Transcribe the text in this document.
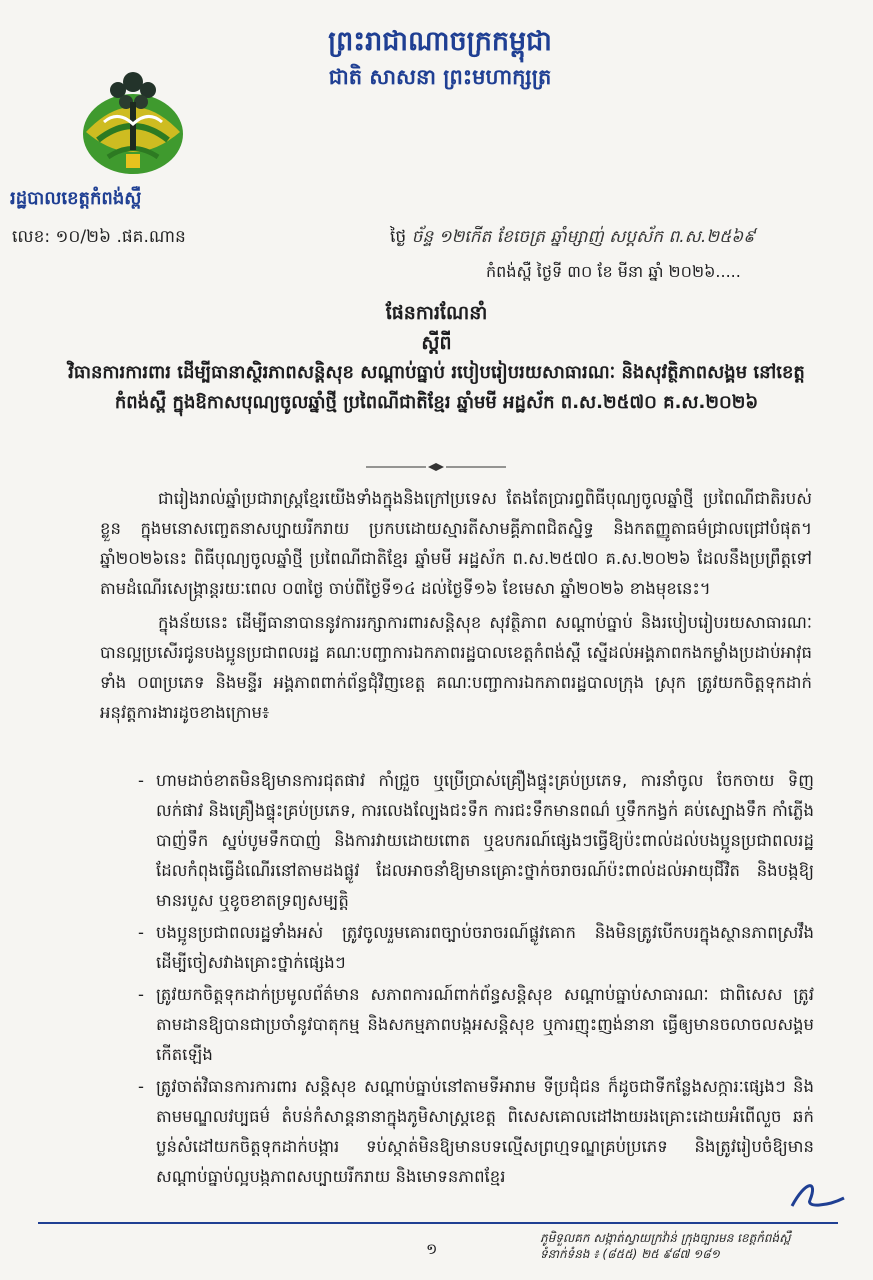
ព្រះរាជាណាចក្រកម្ពុជា
ជាតិ សាសនា ព្រះមហាក្សត្រ
រដ្ឋបាលខេត្តកំពង់ស្ពឺ
លេខ: ១០/២៦ .ផគ.ណាន	ថ្ងៃ ច័ន្ទ ១២កើត ខែចេត្រ ឆ្នាំម្សាញ់ សប្តស័ក ព.ស.២៥៦៩
កំពង់ស្ពឺ ថ្ងៃទី ៣០ ខែ មីនា ឆ្នាំ ២០២៦.....
ផែនការណែនាំ
ស្តីពី
វិធានការការពារ ដើម្បីធានាស្ថិរភាពសន្តិសុខ សណ្តាប់ធ្នាប់ របៀបរៀបរយសាធារណៈ និងសុវត្ថិភាពសង្គម នៅខេត្តកំពង់ស្ពឺ ក្នុងឱកាសបុណ្យចូលឆ្នាំថ្មី ប្រពៃណីជាតិខ្មែរ ឆ្នាំមមី អដ្ឋស័ក ព.ស.២៥៧០ គ.ស.២០២៦

ជារៀងរាល់ឆ្នាំប្រជារាស្ត្រខ្មែរយើងទាំងក្នុងនិងក្រៅប្រទេស តែងតែប្រារព្ធពិធីបុណ្យចូលឆ្នាំថ្មី ប្រពៃណីជាតិរបស់ខ្លួន ក្នុងមនោសញ្ចេតនាសប្បាយរីករាយ ប្រកបដោយស្មារតីសាមគ្គីភាពជិតស្និទ្ធ និងកតញ្ញូតាធម៌ជ្រាលជ្រៅបំផុត។ ឆ្នាំ២០២៦នេះ ពិធីបុណ្យចូលឆ្នាំថ្មី ប្រពៃណីជាតិខ្មែរ ឆ្នាំមមី អដ្ឋស័ក ព.ស.២៥៧០ គ.ស.២០២៦ ដែលនឹងប្រព្រឹត្តទៅតាមដំណើរសេង្រ្កាន្តរយៈពេល ០៣ថ្ងៃ ចាប់ពីថ្ងៃទី១៤ ដល់ថ្ងៃទី១៦ ខែមេសា ឆ្នាំ២០២៦ ខាងមុខនេះ។

ក្នុងន័យនេះ ដើម្បីធានាបាននូវការរក្សាការពារសន្តិសុខ សុវត្ថិភាព សណ្តាប់ធ្នាប់ និងរបៀបរៀបរយសាធារណៈបានល្អប្រសើរជូនបងប្អូនប្រជាពលរដ្ឋ គណៈបញ្ជាការឯកភាពរដ្ឋបាលខេត្តកំពង់ស្ពឺ ស្នើដល់អង្គភាពកងកម្លាំងប្រដាប់អាវុធទាំង ០៣ប្រភេទ និងមន្ទីរ អង្គភាពពាក់ព័ន្ធជុំវិញខេត្ត គណៈបញ្ជាការឯកភាពរដ្ឋបាលក្រុង ស្រុក ត្រូវយកចិត្តទុកដាក់អនុវត្តការងារដូចខាងក្រោម៖

- ហាមដាច់ខាតមិនឱ្យមានការជុតផាវ កាំជ្រួច ឬប្រើប្រាស់គ្រឿងផ្ទុះគ្រប់ប្រភេទ, ការនាំចូល ចែកចាយ ទិញលក់ផាវ និងគ្រឿងផ្ទុះគ្រប់ប្រភេទ, ការលេងល្បែងជះទឹក ការជះទឹកមានពណ៌ ឬទឹកកង្វក់ គប់ស្បោងទឹក កាំភ្លើងបាញ់ទឹក ស្នប់បូមទឹកបាញ់ និងការវាយដោយពោត ឬឧបករណ៍ផ្សេងៗធ្វើឱ្យប៉ះពាល់ដល់បងប្អូនប្រជាពលរដ្ឋ ដែលកំពុងធ្វើដំណើរនៅតាមដងផ្លូវ ដែលអាចនាំឱ្យមានគ្រោះថ្នាក់ចរាចរណ៍ប៉ះពាល់ដល់អាយុជីវិត និងបង្កឱ្យមានរបួស ឬខូចខាតទ្រព្យសម្បត្តិ
- បងប្អូនប្រជាពលរដ្ឋទាំងអស់ ត្រូវចូលរួមគោរពច្បាប់ចរាចរណ៍ផ្លូវគោក និងមិនត្រូវបើកបរក្នុងស្ថានភាពស្រវឹង ដើម្បីចៀសវាងគ្រោះថ្នាក់ផ្សេងៗ
- ត្រូវយកចិត្តទុកដាក់ប្រមូលព័ត៌មាន សភាពការណ៍ពាក់ព័ន្ធសន្តិសុខ សណ្តាប់ធ្នាប់សាធារណៈ ជាពិសេស ត្រូវតាមដានឱ្យបានជាប្រចាំនូវបាតុកម្ម និងសកម្មភាពបង្កអសន្តិសុខ ឬការញុះញង់នានា ធ្វើឲ្យមានចលាចលសង្គមកើតឡើង
- ត្រូវចាត់វិធានការការពារ សន្តិសុខ សណ្តាប់ធ្នាប់នៅតាមទីអារាម ទីប្រជុំជន ក៏ដូចជាទីកន្លែងសក្ការៈផ្សេងៗ និងតាមមណ្ឌលវប្បធម៌ តំបន់កំសាន្តនានាក្នុងភូមិសាស្ត្រខេត្ត ពិសេសគោលដៅងាយរងគ្រោះដោយអំពើលួច ឆក់ ប្លន់សំដៅយកចិត្តទុកដាក់បង្ការ ទប់ស្កាត់មិនឱ្យមានបទល្មើសព្រហ្មទណ្ឌគ្រប់ប្រភេទ និងត្រូវរៀបចំឱ្យមានសណ្តាប់ធ្នាប់ល្អបង្កភាពសប្បាយរីករាយ និងមោទនភាពខ្មែរ
១
ភូមិទួលគក សង្កាត់ស្វាយក្រវ៉ាន់ ក្រុងច្បារមន ខេត្តកំពង់ស្ពឺ
ទំនាក់ទំនង ៖ (៨៥៥) ២៥ ៩៨៧ ១៨១
